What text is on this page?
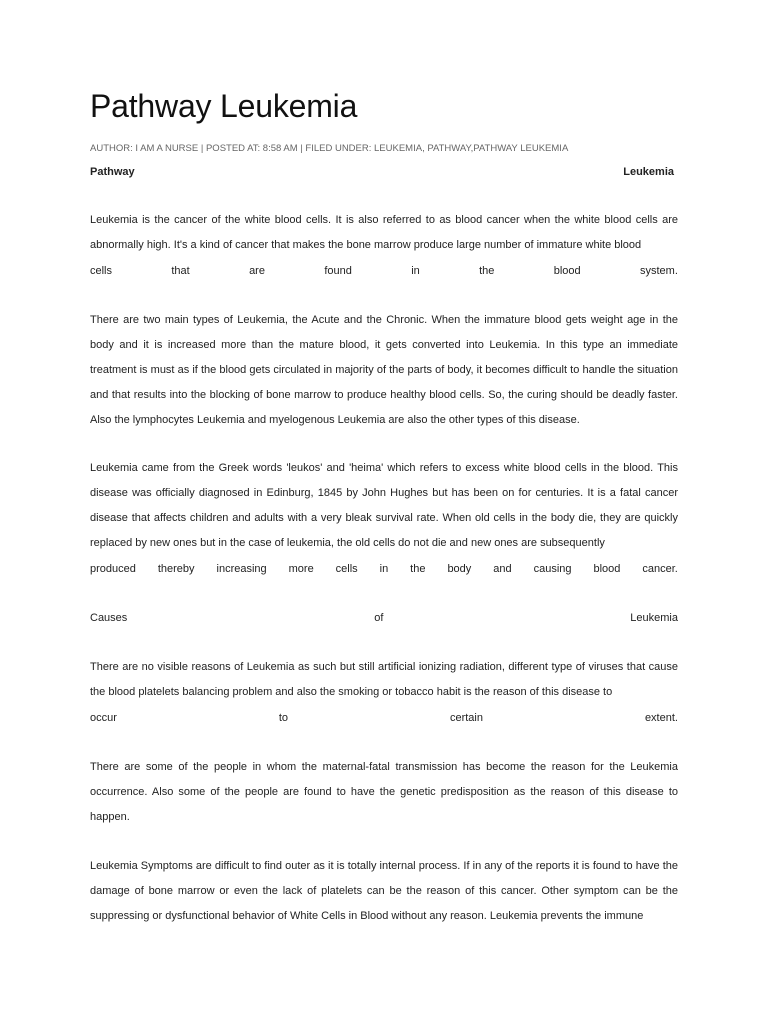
Pathway Leukemia
AUTHOR: I AM A NURSE | POSTED AT: 8:58 AM | FILED UNDER: LEUKEMIA, PATHWAY,PATHWAY LEUKEMIA
Pathway	Leukemia

Leukemia is the cancer of the white blood cells. It is also referred to as blood cancer when the white blood cells are abnormally high. It's a kind of cancer that makes the bone marrow produce large number of immature white blood

cells	that	are	found	in	the	blood	system.

There are two main types of Leukemia, the Acute and the Chronic. When the immature blood gets weight age in the body and it is increased more than the mature blood, it gets converted into Leukemia. In this type an immediate treatment is must as if the blood gets circulated in majority of the parts of body, it becomes difficult to handle the situation and that results into the blocking of bone marrow to produce healthy blood cells. So, the curing should be deadly faster. Also the lymphocytes Leukemia and myelogenous Leukemia are also the other types of this disease.

Leukemia came from the Greek words 'leukos' and 'heima' which refers to excess white blood cells in the blood. This disease was officially diagnosed in Edinburg, 1845 by John Hughes but has been on for centuries. It is a fatal cancer disease that affects children and adults with a very bleak survival rate. When old cells in the body die, they are quickly replaced by new ones but in the case of leukemia, the old cells do not die and new ones are subsequently

produced thereby increasing more cells in the body and causing blood cancer.
Causes	of	Leukemia

There are no visible reasons of Leukemia as such but still artificial ionizing radiation, different type of viruses that cause the blood platelets balancing problem and also the smoking or tobacco habit is the reason of this disease to

occur	to	certain	extent.

There are some of the people in whom the maternal-fatal transmission has become the reason for the Leukemia occurrence. Also some of the people are found to have the genetic predisposition as the reason of this disease to happen.

Leukemia Symptoms are difficult to find outer as it is totally internal process. If in any of the reports it is found to have the damage of bone marrow or even the lack of platelets can be the reason of this cancer. Other symptom can be the suppressing or dysfunctional behavior of White Cells in Blood without any reason. Leukemia prevents the immune
